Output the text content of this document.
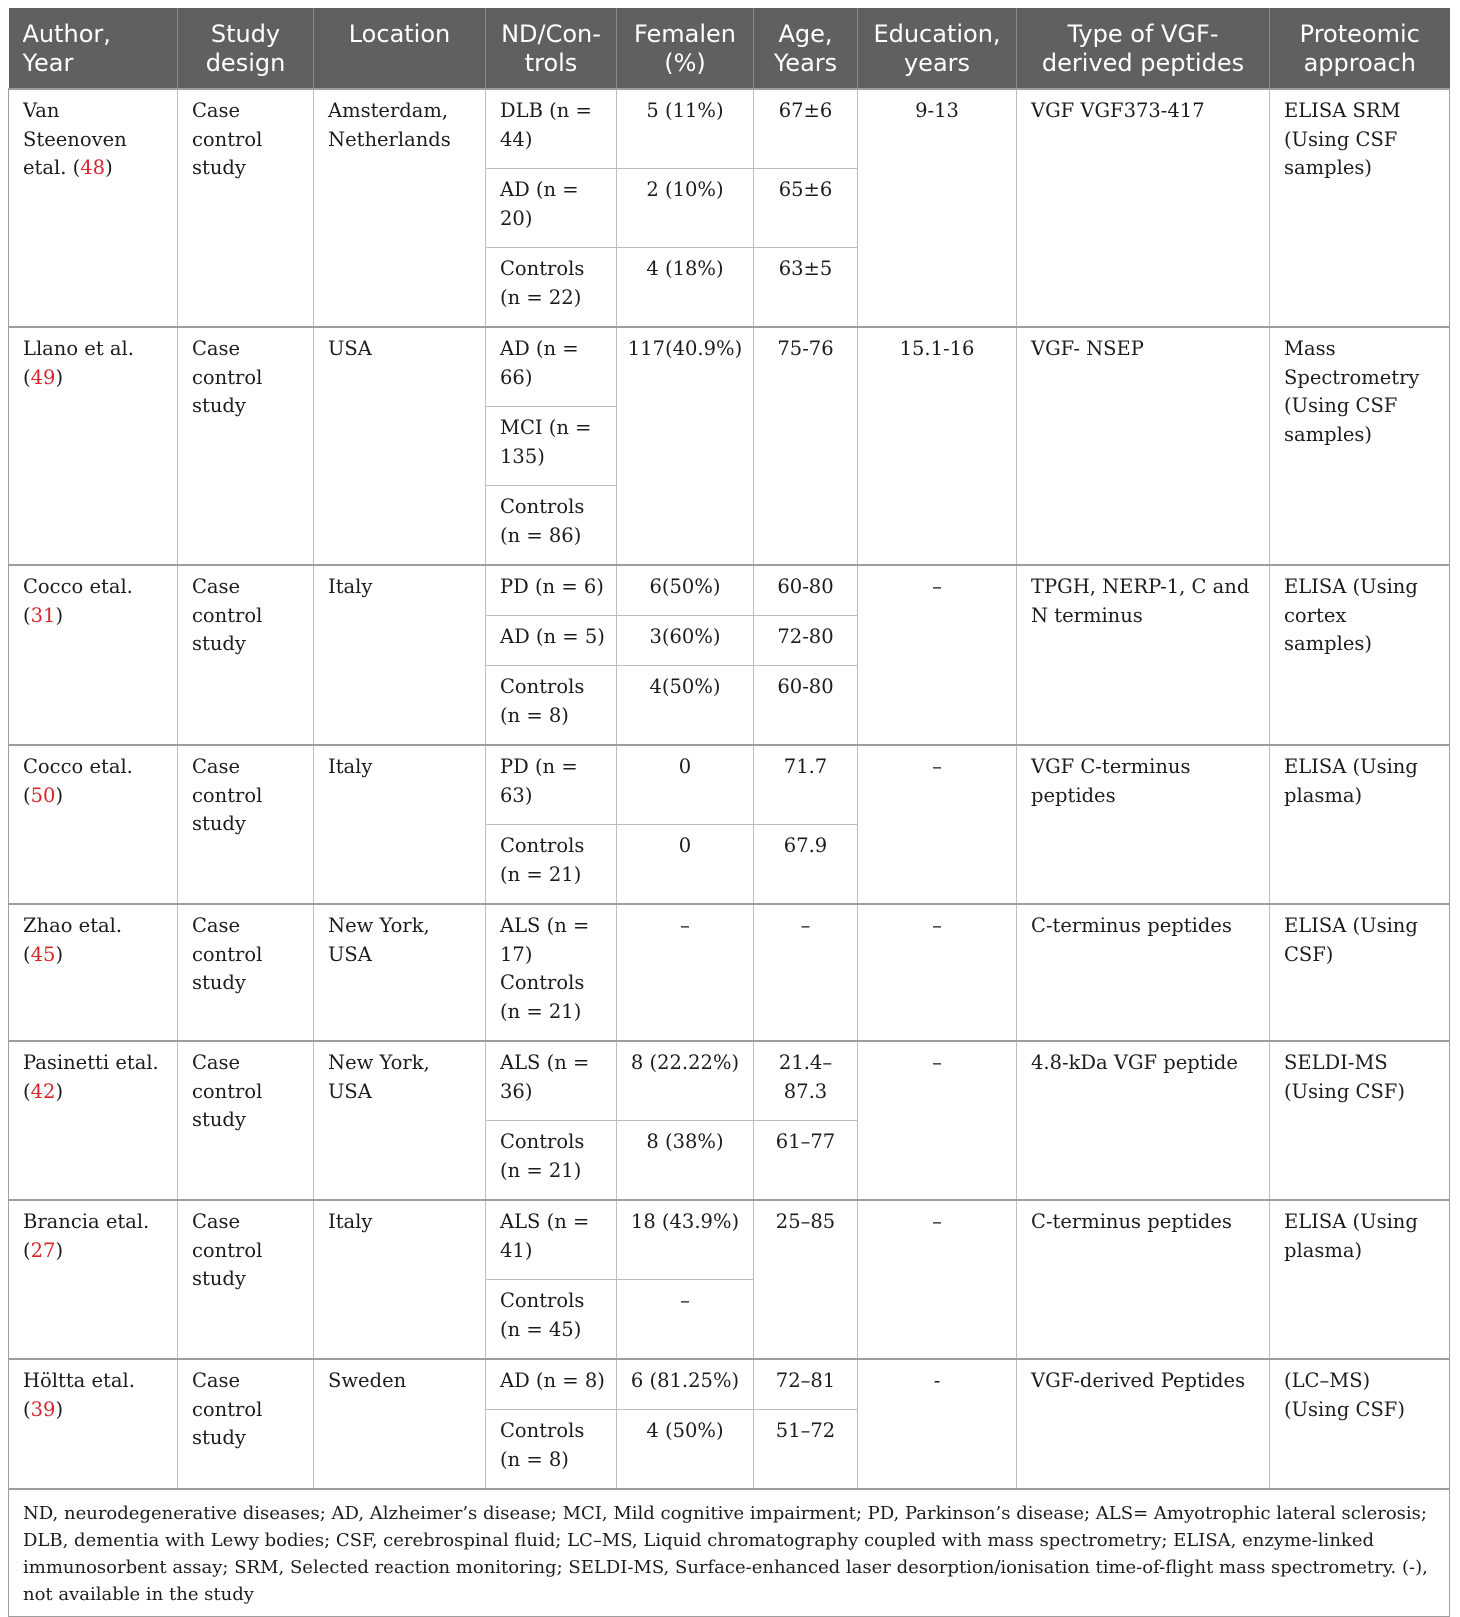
Author, Year	Study design	Location	ND/Con-trols	Femalen (%)	Age, Years	Education, years	Type of VGF-derived peptides	Proteomic approach
Van Steenoven etal. (48)	Case control study	Amsterdam, Netherlands	DLB (n = 44)	5 (11%)	67±6	9-13	VGF VGF373-417	ELISA SRM (Using CSF samples)
			AD (n = 20)	2 (10%)	65±6			
			Controls (n = 22)	4 (18%)	63±5			
Llano et al. (49)	Case control study	USA	AD (n = 66)	117(40.9%)	75-76	15.1-16	VGF- NSEP	Mass Spectrometry (Using CSF samples)
			MCI (n = 135)					
			Controls (n = 86)					
Cocco etal. (31)	Case control study	Italy	PD (n = 6)	6(50%)	60-80	–	TPGH, NERP-1, C and N terminus	ELISA (Using cortex samples)
			AD (n = 5)	3(60%)	72-80			
			Controls (n = 8)	4(50%)	60-80			
Cocco etal. (50)	Case control study	Italy	PD (n = 63)	0	71.7	–	VGF C-terminus peptides	ELISA (Using plasma)
			Controls (n = 21)	0	67.9			
Zhao etal. (45)	Case control study	New York, USA	ALS (n = 17) Controls (n = 21)	–	–	–	C-terminus peptides	ELISA (Using CSF)
Pasinetti etal. (42)	Case control study	New York, USA	ALS (n = 36)	8 (22.22%)	21.4–87.3	–	4.8-kDa VGF peptide	SELDI-MS (Using CSF)
			Controls (n = 21)	8 (38%)	61–77			
Brancia etal. (27)	Case control study	Italy	ALS (n = 41)	18 (43.9%)	25–85	–	C-terminus peptides	ELISA (Using plasma)
			Controls (n = 45)	–				
Höltta etal. (39)	Case control study	Sweden	AD (n = 8)	6 (81.25%)	72–81	-	VGF-derived Peptides	(LC–MS) (Using CSF)
			Controls (n = 8)	4 (50%)	51–72			
ND, neurodegenerative diseases; AD, Alzheimer’s disease; MCI, Mild cognitive impairment; PD, Parkinson’s disease; ALS= Amyotrophic lateral sclerosis; DLB, dementia with Lewy bodies; CSF, cerebrospinal fluid; LC–MS, Liquid chromatography coupled with mass spectrometry; ELISA, enzyme-linked immunosorbent assay; SRM, Selected reaction monitoring; SELDI-MS, Surface-enhanced laser desorption/ionisation time-of-flight mass spectrometry. (-), not available in the study								
